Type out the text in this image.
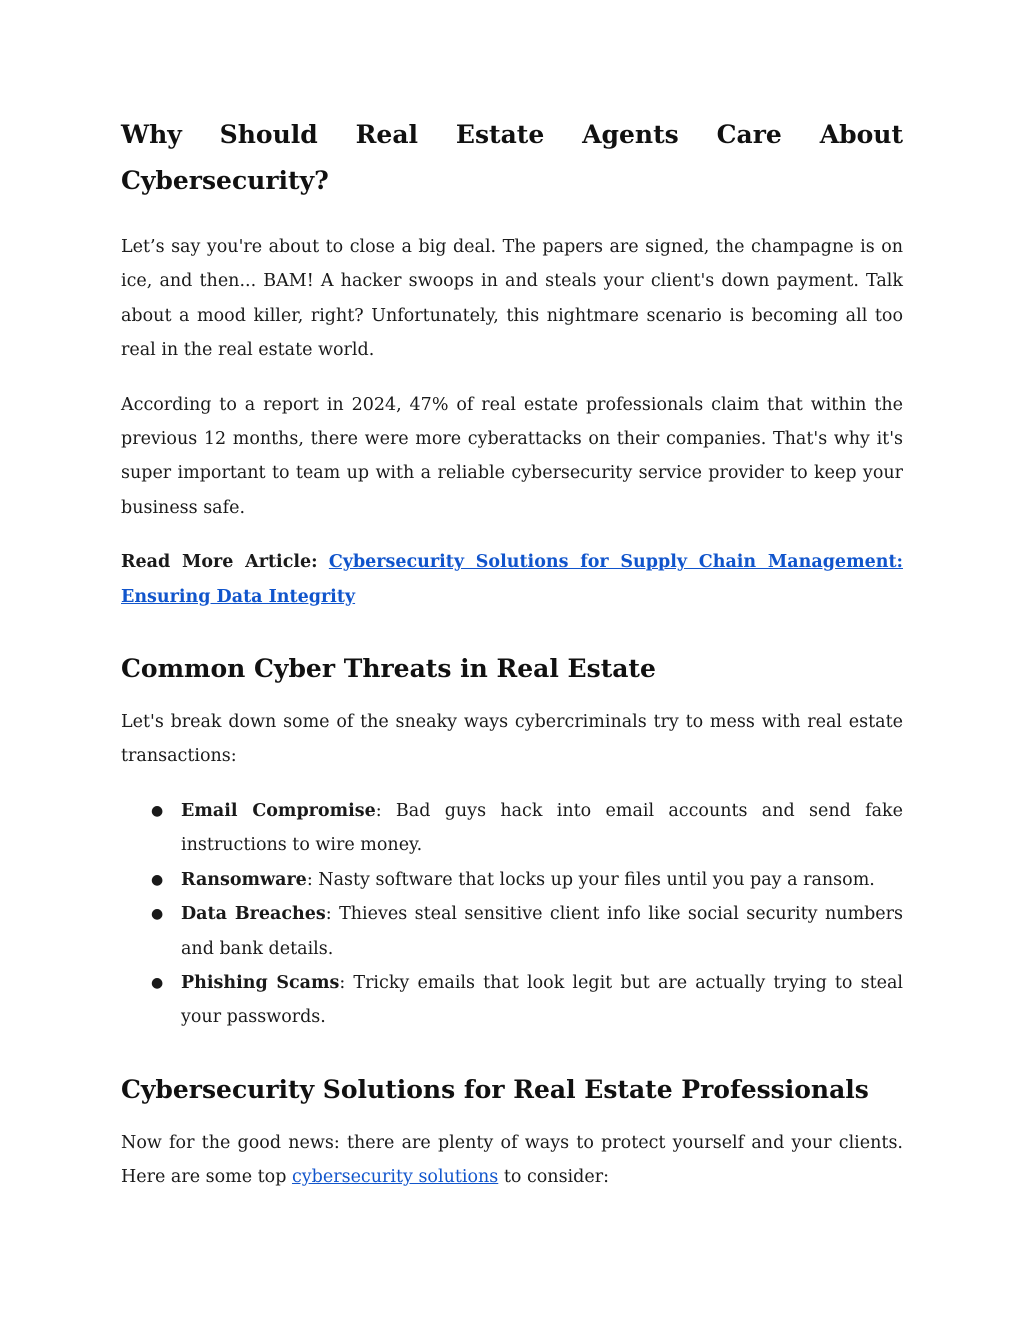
Why Should Real Estate Agents Care About
Cybersecurity?

Let’s say you're about to close a big deal. The papers are signed, the champagne is on ice, and then... BAM! A hacker swoops in and steals your client's down payment. Talk about a mood killer, right? Unfortunately, this nightmare scenario is becoming all too real in the real estate world.

According to a report in 2024, 47% of real estate professionals claim that within the previous 12 months, there were more cyberattacks on their companies. That's why it's super important to team up with a reliable cybersecurity service provider to keep your business safe.

Read More Article: Cybersecurity Solutions for Supply Chain Management: Ensuring Data Integrity

Common Cyber Threats in Real Estate

Let's break down some of the sneaky ways cybercriminals try to mess with real estate transactions:

● Email Compromise: Bad guys hack into email accounts and send fake instructions to wire money.
● Ransomware: Nasty software that locks up your files until you pay a ransom.
● Data Breaches: Thieves steal sensitive client info like social security numbers and bank details.
● Phishing Scams: Tricky emails that look legit but are actually trying to steal your passwords.
Cybersecurity Solutions for Real Estate Professionals

Now for the good news: there are plenty of ways to protect yourself and your clients. Here are some top cybersecurity solutions to consider:
